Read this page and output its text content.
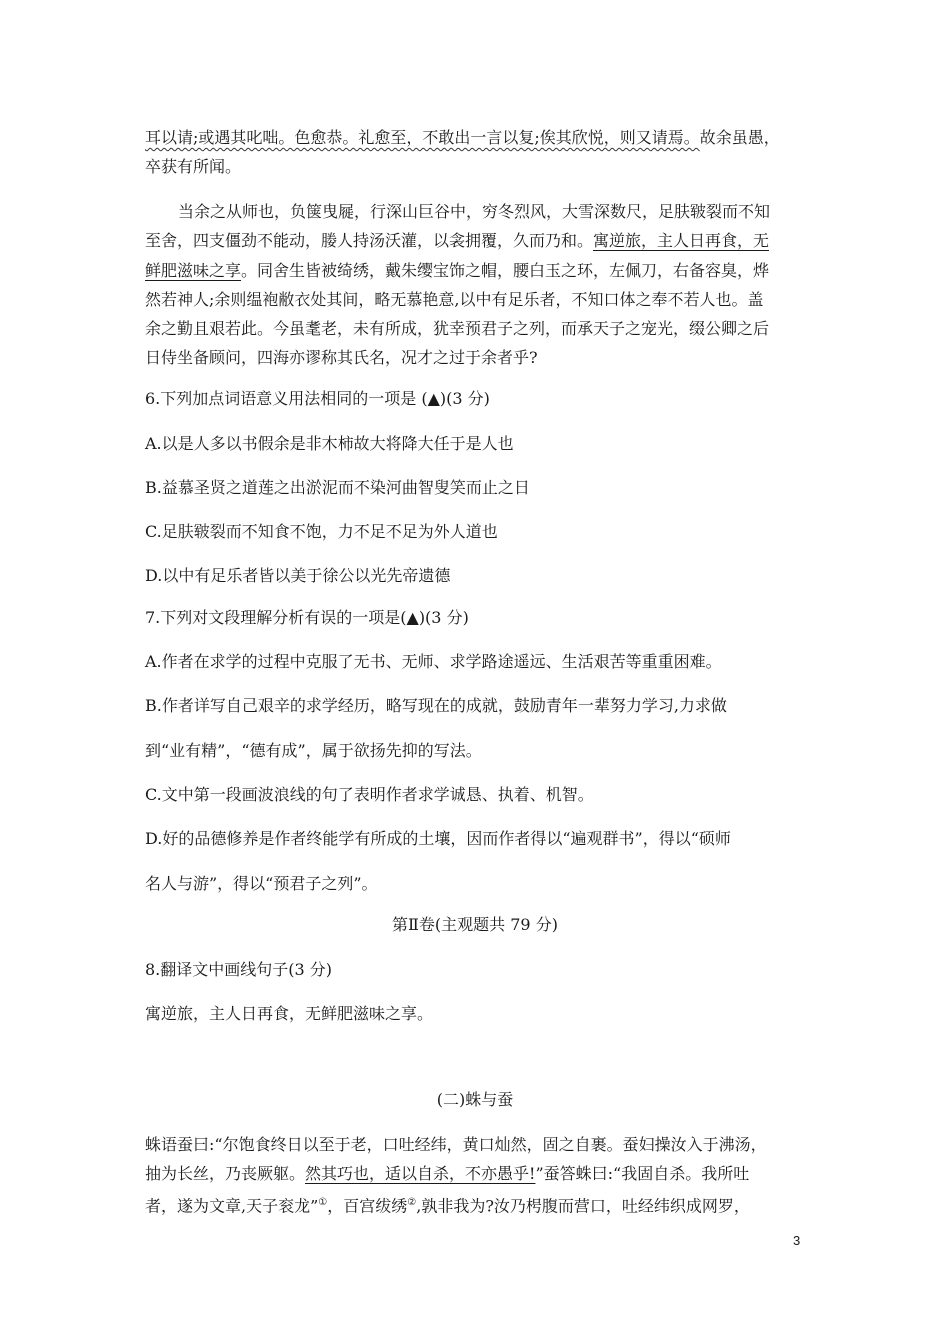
耳以请;或遇其叱咄。色愈恭。礼愈至，不敢出一言以复;俟其欣悦，则又请焉。故余虽愚，
卒获有所闻。
当余之从师也，负箧曳屣，行深山巨谷中，穷冬烈风，大雪深数尺，足肤皲裂而不知
至舍，四支僵劲不能动，媵人持汤沃灌，以衾拥覆，久而乃和。寓逆旅，主人日再食，无
鲜肥滋味之享。同舍生皆被绮绣，戴朱缨宝饰之帽，腰白玉之环，左佩刀，右备容臭，烨
然若神人;余则缊袍敝衣处其间，略无慕艳意,以中有足乐者，不知口体之奉不若人也。盖
余之勤且艰若此。今虽耄老，未有所成，犹幸预君子之列，而承天子之宠光，缀公卿之后
日侍坐备顾问，四海亦谬称其氏名，况才之过于余者乎?
6.下列加点词语意义用法相同的一项是 (▲)(3 分)
A.以是人多以书假余是非木柿故大将降大任于是人也
B.益慕圣贤之道莲之出淤泥而不染河曲智叟笑而止之日
C.足肤皲裂而不知食不饱，力不足不足为外人道也
D.以中有足乐者皆以美于徐公以光先帝遗德
7.下列对文段理解分析有误的一项是(▲)(3 分)
A.作者在求学的过程中克服了无书、无师、求学路途遥远、生活艰苦等重重困难。
B.作者详写自己艰辛的求学经历，略写现在的成就，鼓励青年一辈努力学习,力求做
到“业有精”，“德有成”，属于欲扬先抑的写法。
C.文中第一段画波浪线的句了表明作者求学诚恳、执着、机智。
D.好的品德修养是作者终能学有所成的土壤，因而作者得以“遍观群书”，得以“硕师
名人与游”，得以“预君子之列”。
第Ⅱ卷(主观题共 79 分)
8.翻译文中画线句子(3 分)
寓逆旅，主人日再食，无鲜肥滋味之享。
(二)蛛与蚕
蛛语蚕曰:“尔饱食终日以至于老，口吐经纬，黄口灿然，固之自裹。蚕妇操汝入于沸汤，
抽为长丝，乃丧厥躯。然其巧也，适以自杀，不亦愚乎!”蚕答蛛曰:“我固自杀。我所吐
者，遂为文章,天子衮龙”①，百宫绂绣②,孰非我为?汝乃枵腹而营口，吐经纬织成网罗，
3
